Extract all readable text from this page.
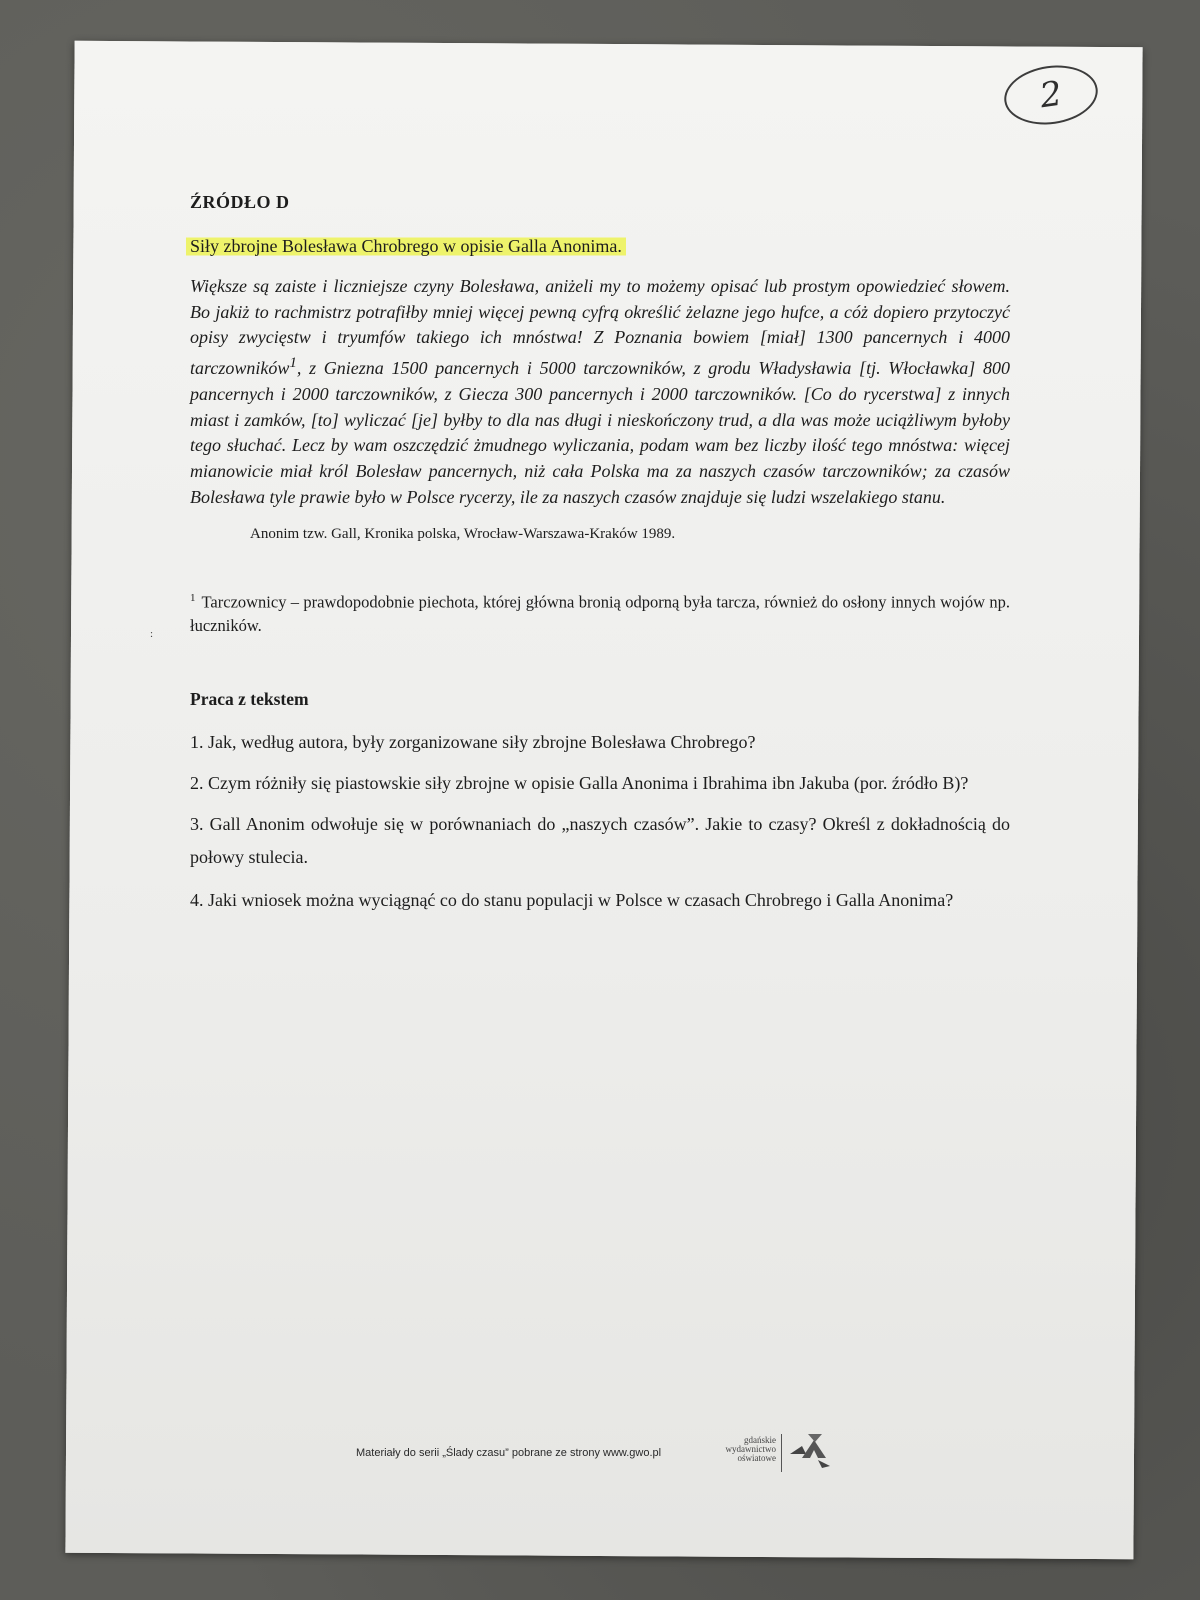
2
:
ŹRÓDŁO D
Siły zbrojne Bolesława Chrobrego w opisie Galla Anonima.

Większe są zaiste i liczniejsze czyny Bolesława, aniżeli my to możemy opisać lub prostym opowiedzieć słowem. Bo jakiż to rachmistrz potrafiłby mniej więcej pewną cyfrą określić żelazne jego hufce, a cóż dopiero przytoczyć opisy zwycięstw i tryumfów takiego ich mnóstwa! Z Poznania bowiem [miał] 1300 pancernych i 4000 tarczowników$^1$, z Gniezna 1500 pancernych i 5000 tarczowników, z grodu Władysławia [tj. Włocławka] 800 pancernych i 2000 tarczowników, z Giecza 300 pancernych i 2000 tarczowników. [Co do rycerstwa] z innych miast i zamków, [to] wyliczać [je] byłby to dla nas długi i nieskończony trud, a dla was może uciążliwym byłoby tego słuchać. Lecz by wam oszczędzić żmudnego wyliczania, podam wam bez liczby ilość tego mnóstwa: więcej mianowicie miał król Bolesław pancernych, niż cała Polska ma za naszych czasów tarczowników; za czasów Bolesława tyle prawie było w Polsce rycerzy, ile za naszych czasów znajduje się ludzi wszelakiego stanu.

Anonim tzw. Gall, Kronika polska, Wrocław-Warszawa-Kraków 1989.

$^1$ Tarczownicy – prawdopodobnie piechota, której główna bronią odporną była tarcza, również do osłony innych wojów np. łuczników.

Praca z tekstem

1. Jak, według autora, były zorganizowane siły zbrojne Bolesława Chrobrego?

2. Czym różniły się piastowskie siły zbrojne w opisie Galla Anonima i Ibrahima ibn Jakuba (por. źródło B)?

3. Gall Anonim odwołuje się w porównaniach do „naszych czasów”. Jakie to czasy? Określ z dokładnością do połowy stulecia.

4. Jaki wniosek można wyciągnąć co do stanu populacji w Polsce w czasach Chrobrego i Galla Anonima?

Materiały do serii „Ślady czasu” pobrane ze strony www.gwo.pl
gdańskie
wydawnictwo
oświatowe
